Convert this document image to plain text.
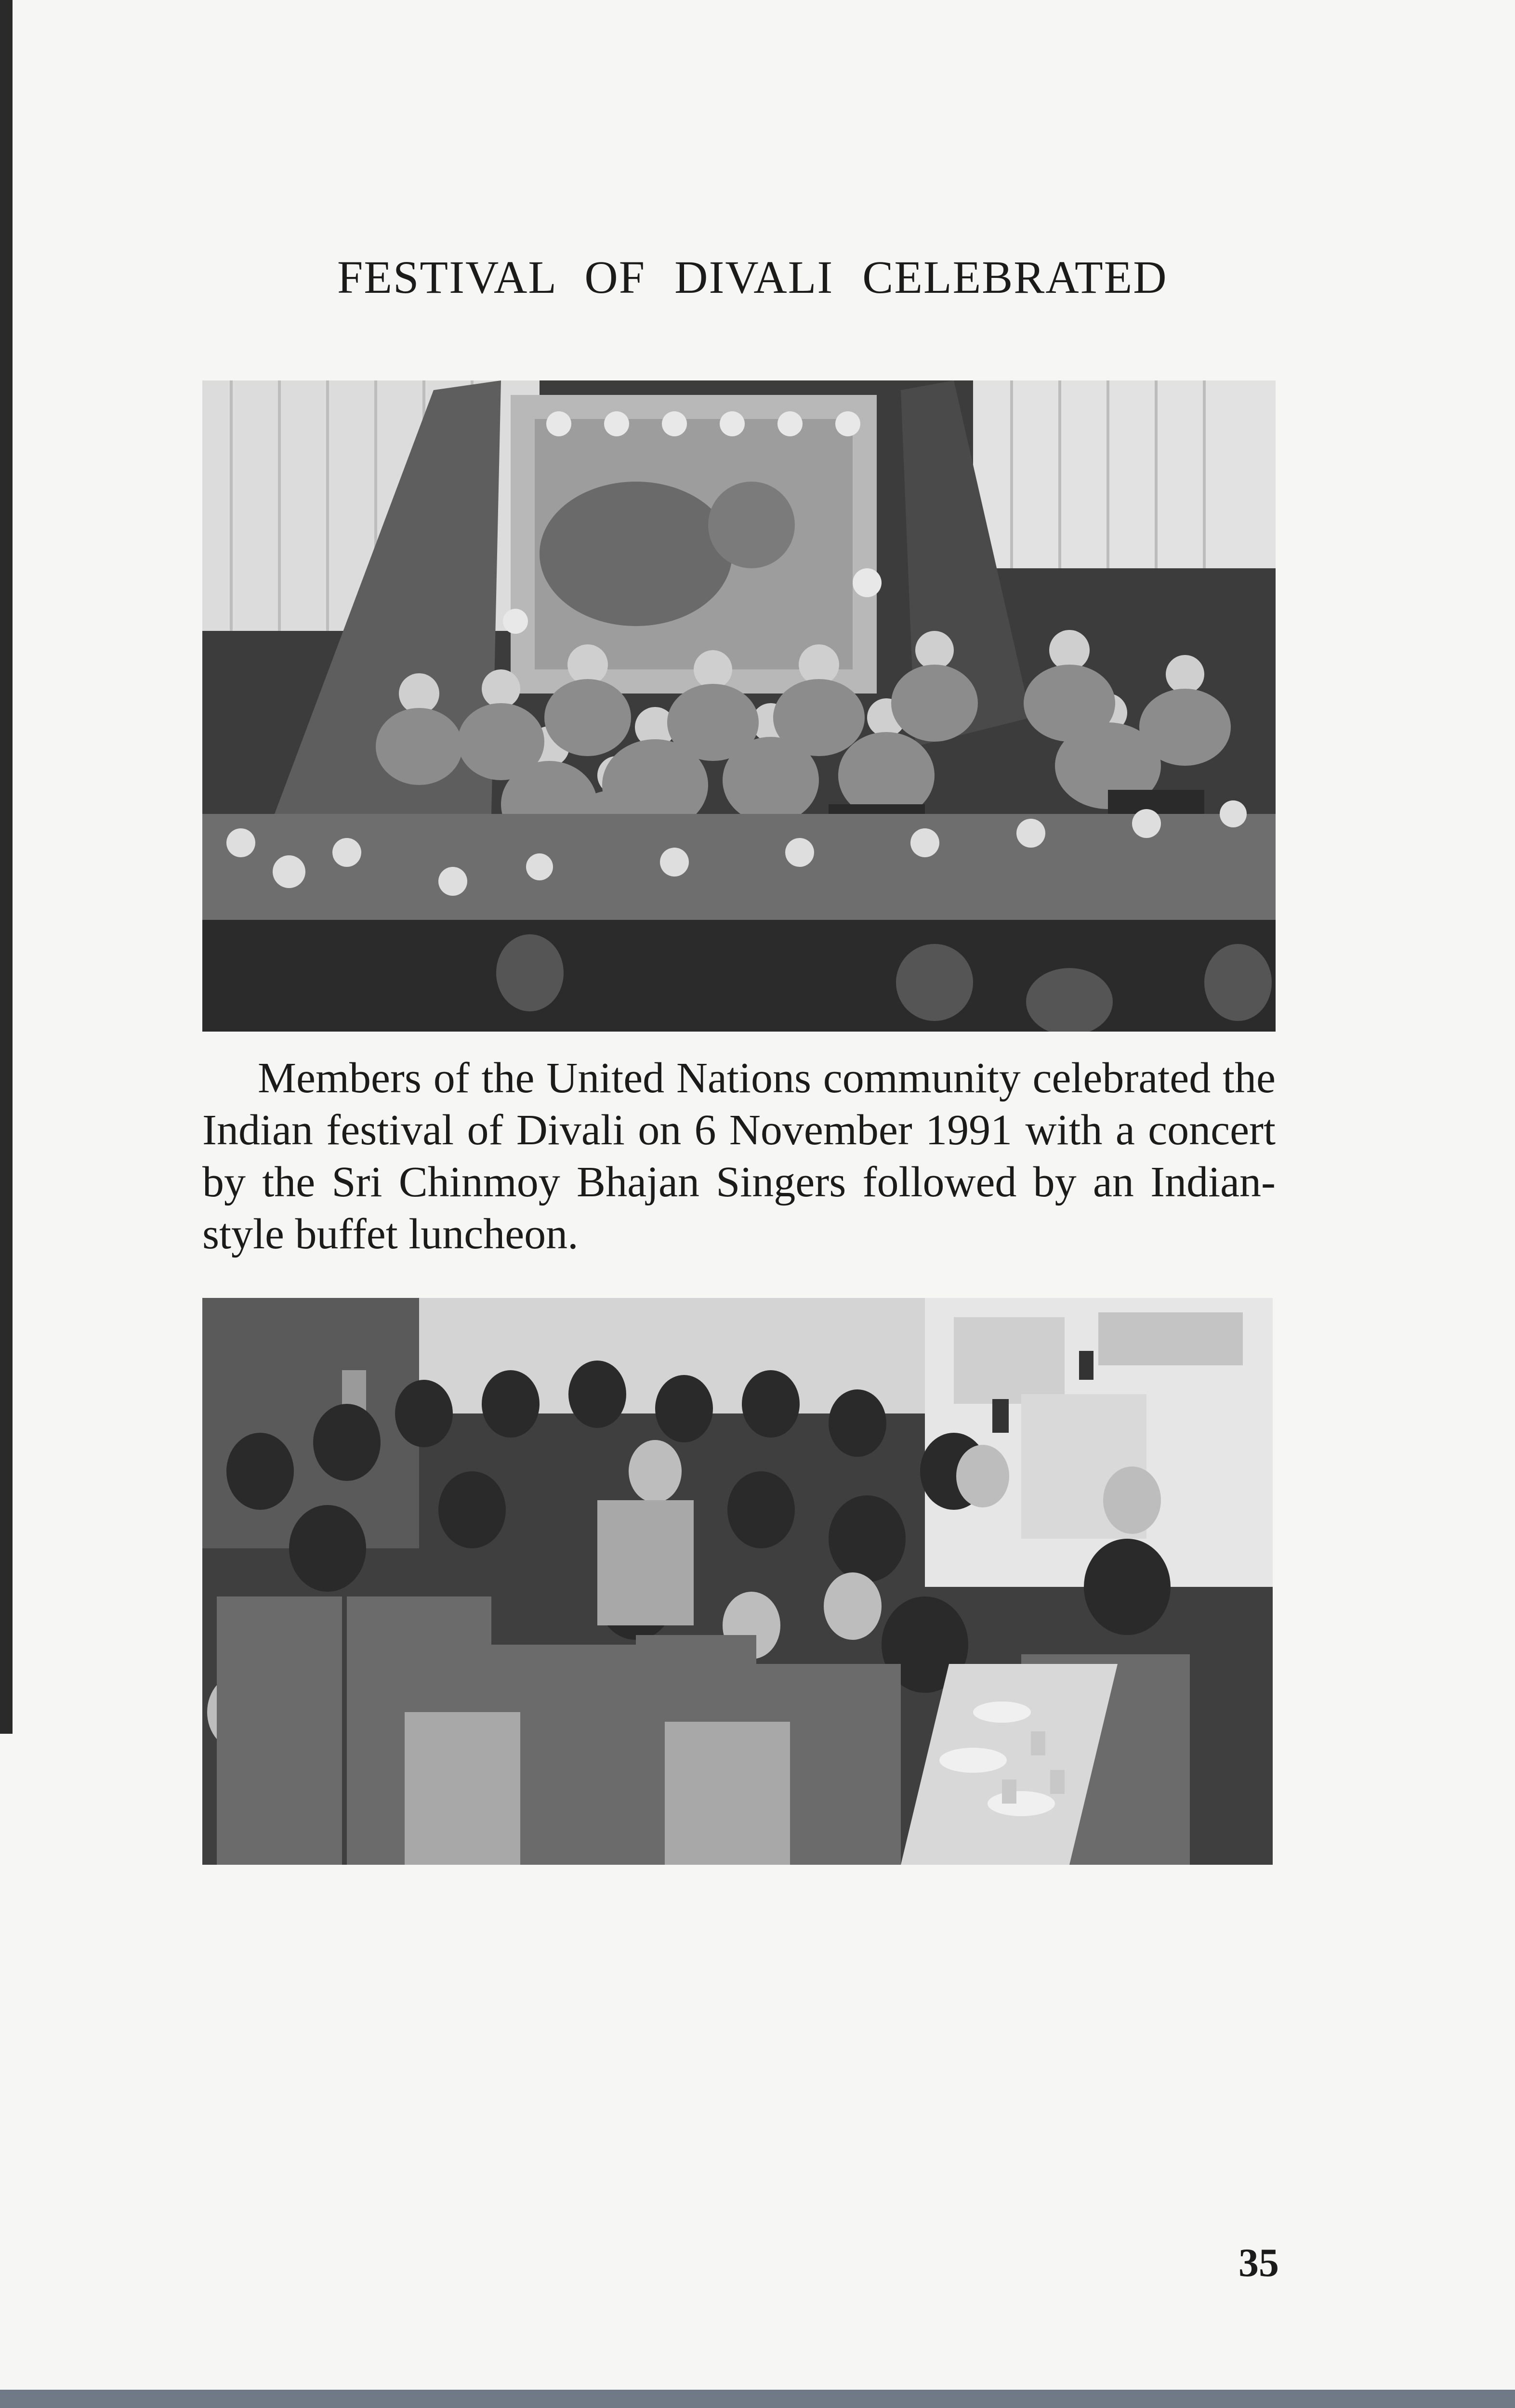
FESTIVAL OF DIVALI CELEBRATED
Members of the United Nations community celebrated the Indian festival of Divali on 6 November 1991 with a concert by the Sri Chinmoy Bhajan Singers followed by an Indian-style buffet luncheon.
35
